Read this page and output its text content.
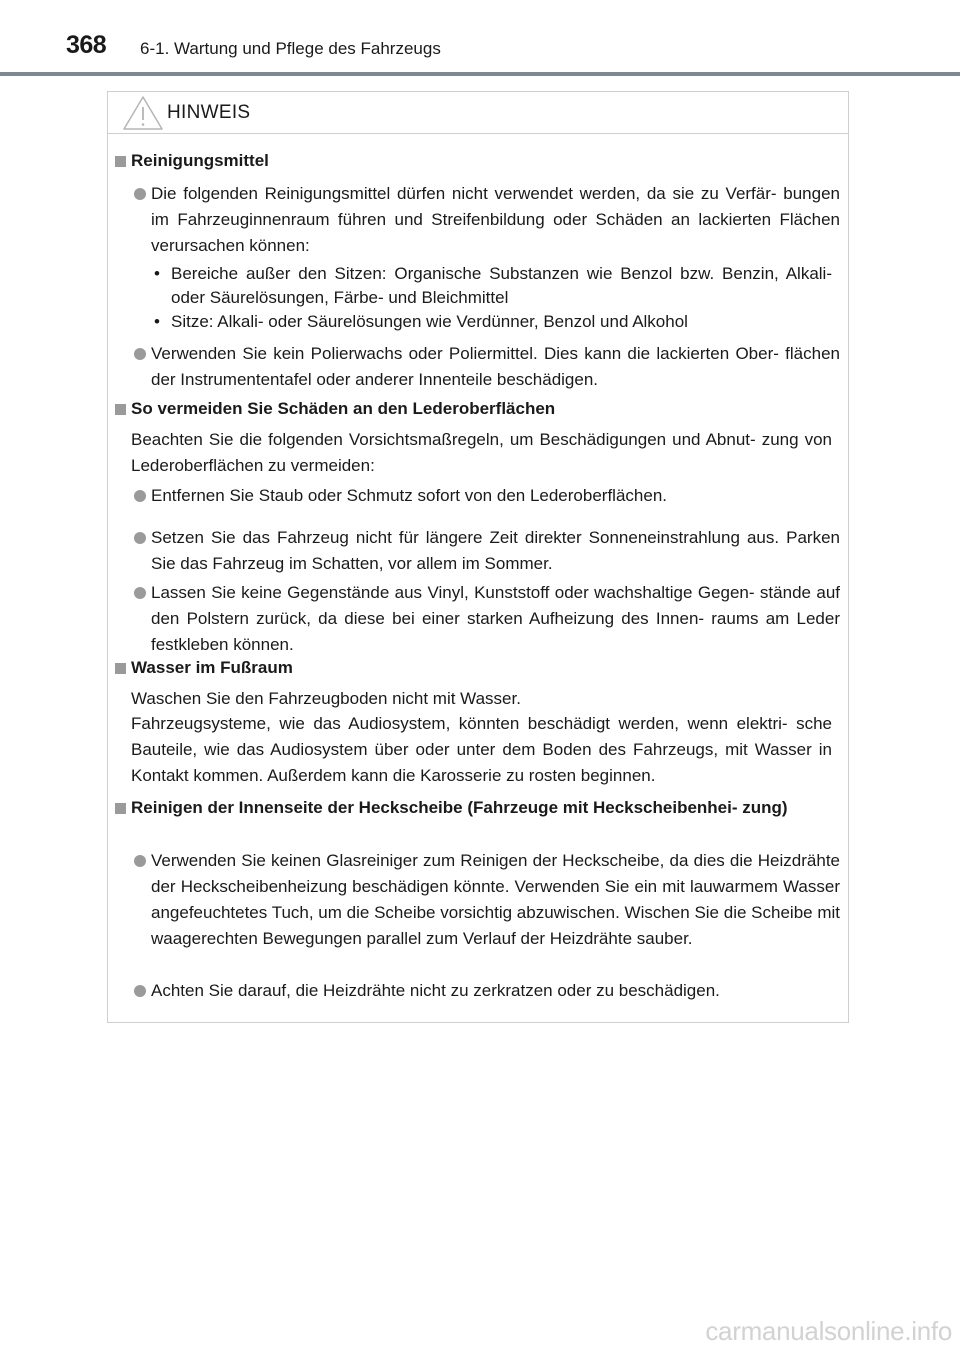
368 6-1. Wartung und Pflege des Fahrzeugs
HINWEIS
Reinigungsmittel
Die folgenden Reinigungsmittel dürfen nicht verwendet werden, da sie zu Verfär- bungen im Fahrzeuginnenraum führen und Streifenbildung oder Schäden an lackierten Flächen verursachen können:
• Bereiche außer den Sitzen: Organische Substanzen wie Benzol bzw. Benzin, Alkali- oder Säurelösungen, Färbe- und Bleichmittel
• Sitze: Alkali- oder Säurelösungen wie Verdünner, Benzol und Alkohol
Verwenden Sie kein Polierwachs oder Poliermittel. Dies kann die lackierten Ober- flächen der Instrumententafel oder anderer Innenteile beschädigen.
So vermeiden Sie Schäden an den Lederoberflächen
Beachten Sie die folgenden Vorsichtsmaßregeln, um Beschädigungen und Abnut- zung von Lederoberflächen zu vermeiden:
Entfernen Sie Staub oder Schmutz sofort von den Lederoberflächen.
Setzen Sie das Fahrzeug nicht für längere Zeit direkter Sonneneinstrahlung aus. Parken Sie das Fahrzeug im Schatten, vor allem im Sommer.
Lassen Sie keine Gegenstände aus Vinyl, Kunststoff oder wachshaltige Gegen- stände auf den Polstern zurück, da diese bei einer starken Aufheizung des Innen- raums am Leder festkleben können.
Wasser im Fußraum
Waschen Sie den Fahrzeugboden nicht mit Wasser.
Fahrzeugsysteme, wie das Audiosystem, könnten beschädigt werden, wenn elektri- sche Bauteile, wie das Audiosystem über oder unter dem Boden des Fahrzeugs, mit Wasser in Kontakt kommen. Außerdem kann die Karosserie zu rosten beginnen.
Reinigen der Innenseite der Heckscheibe (Fahrzeuge mit Heckscheibenhei- zung)
Verwenden Sie keinen Glasreiniger zum Reinigen der Heckscheibe, da dies die Heizdrähte der Heckscheibenheizung beschädigen könnte. Verwenden Sie ein mit lauwarmem Wasser angefeuchtetes Tuch, um die Scheibe vorsichtig abzuwischen. Wischen Sie die Scheibe mit waagerechten Bewegungen parallel zum Verlauf der Heizdrähte sauber.
Achten Sie darauf, die Heizdrähte nicht zu zerkratzen oder zu beschädigen.
carmanualsonline.info
